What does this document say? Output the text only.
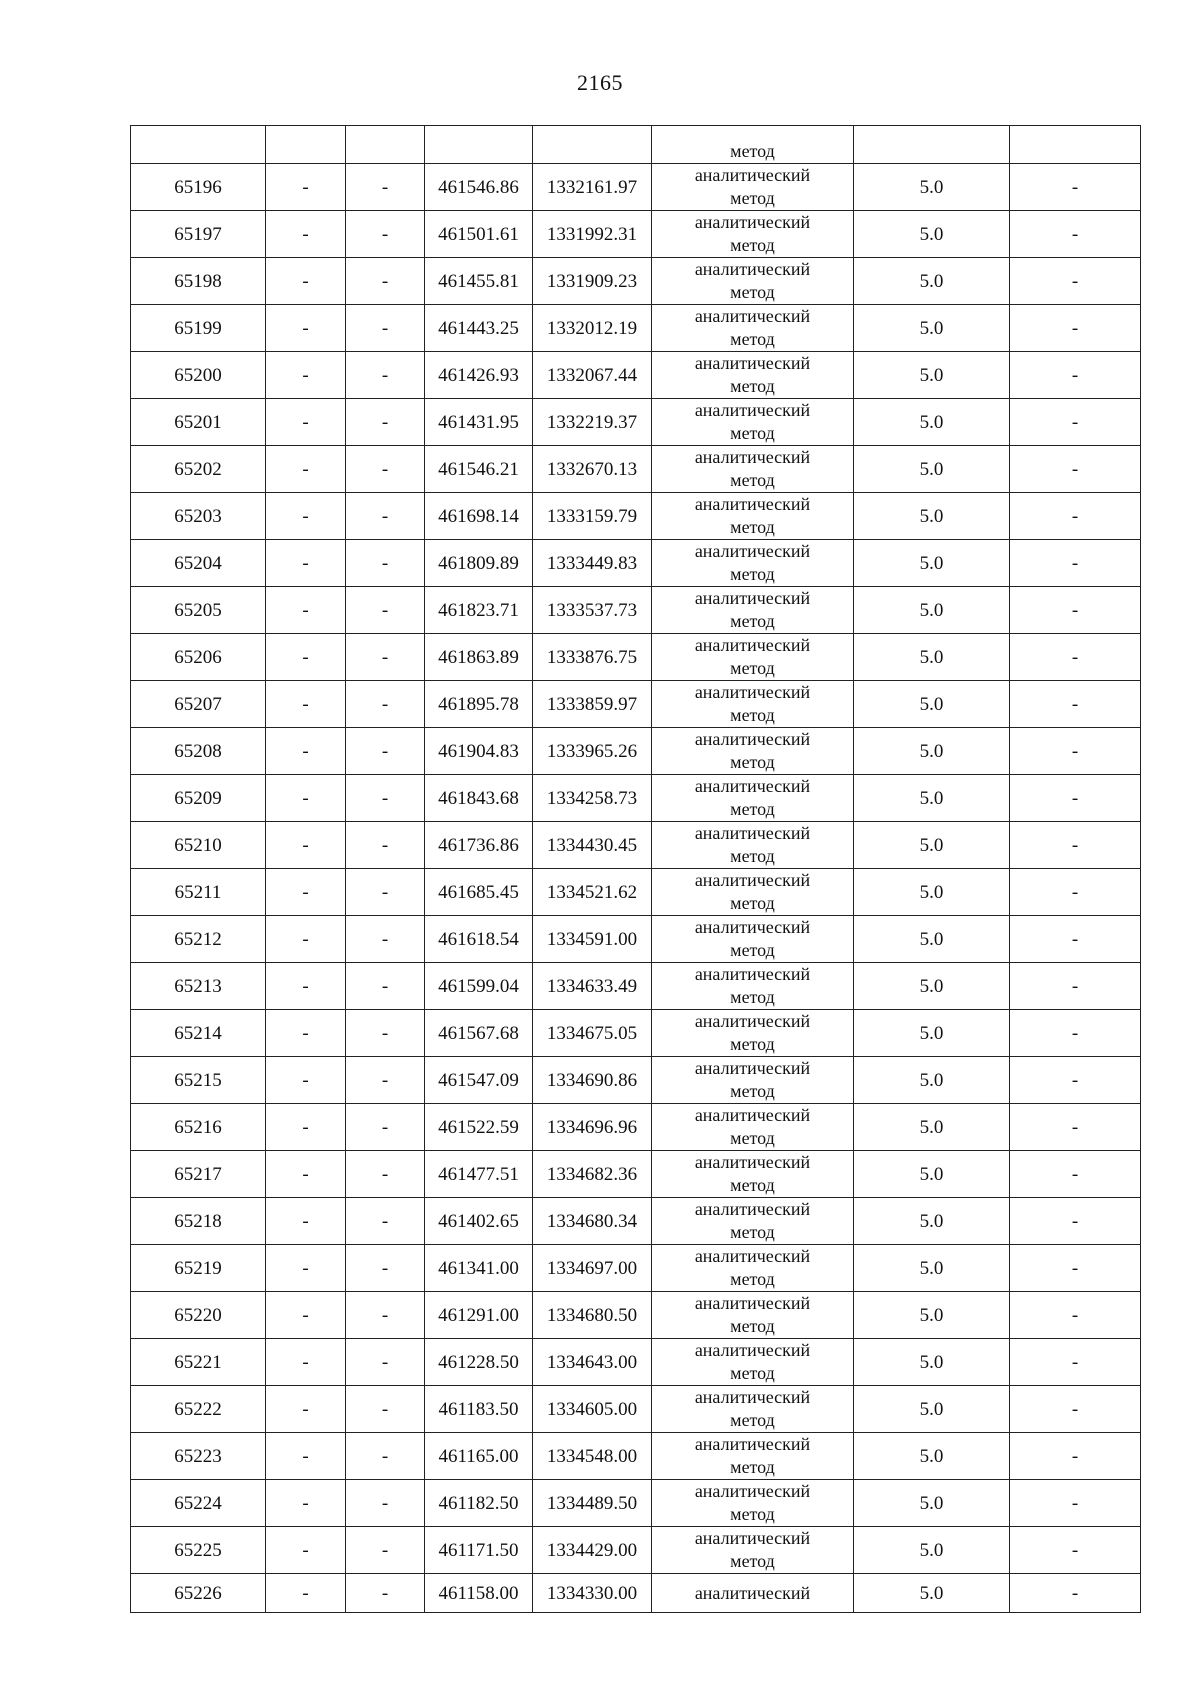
2165

					метод		

65196	-	-	461546.86	1332161.97	аналитический
метод	5.0	-
65197	-	-	461501.61	1331992.31	аналитический
метод	5.0	-
65198	-	-	461455.81	1331909.23	аналитический
метод	5.0	-
65199	-	-	461443.25	1332012.19	аналитический
метод	5.0	-
65200	-	-	461426.93	1332067.44	аналитический
метод	5.0	-
65201	-	-	461431.95	1332219.37	аналитический
метод	5.0	-
65202	-	-	461546.21	1332670.13	аналитический
метод	5.0	-
65203	-	-	461698.14	1333159.79	аналитический
метод	5.0	-
65204	-	-	461809.89	1333449.83	аналитический
метод	5.0	-
65205	-	-	461823.71	1333537.73	аналитический
метод	5.0	-
65206	-	-	461863.89	1333876.75	аналитический
метод	5.0	-
65207	-	-	461895.78	1333859.97	аналитический
метод	5.0	-
65208	-	-	461904.83	1333965.26	аналитический
метод	5.0	-
65209	-	-	461843.68	1334258.73	аналитический
метод	5.0	-
65210	-	-	461736.86	1334430.45	аналитический
метод	5.0	-
65211	-	-	461685.45	1334521.62	аналитический
метод	5.0	-
65212	-	-	461618.54	1334591.00	аналитический
метод	5.0	-
65213	-	-	461599.04	1334633.49	аналитический
метод	5.0	-
65214	-	-	461567.68	1334675.05	аналитический
метод	5.0	-
65215	-	-	461547.09	1334690.86	аналитический
метод	5.0	-
65216	-	-	461522.59	1334696.96	аналитический
метод	5.0	-
65217	-	-	461477.51	1334682.36	аналитический
метод	5.0	-
65218	-	-	461402.65	1334680.34	аналитический
метод	5.0	-
65219	-	-	461341.00	1334697.00	аналитический
метод	5.0	-
65220	-	-	461291.00	1334680.50	аналитический
метод	5.0	-
65221	-	-	461228.50	1334643.00	аналитический
метод	5.0	-
65222	-	-	461183.50	1334605.00	аналитический
метод	5.0	-
65223	-	-	461165.00	1334548.00	аналитический
метод	5.0	-
65224	-	-	461182.50	1334489.50	аналитический
метод	5.0	-
65225	-	-	461171.50	1334429.00	аналитический
метод	5.0	-
65226	-	-	461158.00	1334330.00	аналитический	5.0	-
